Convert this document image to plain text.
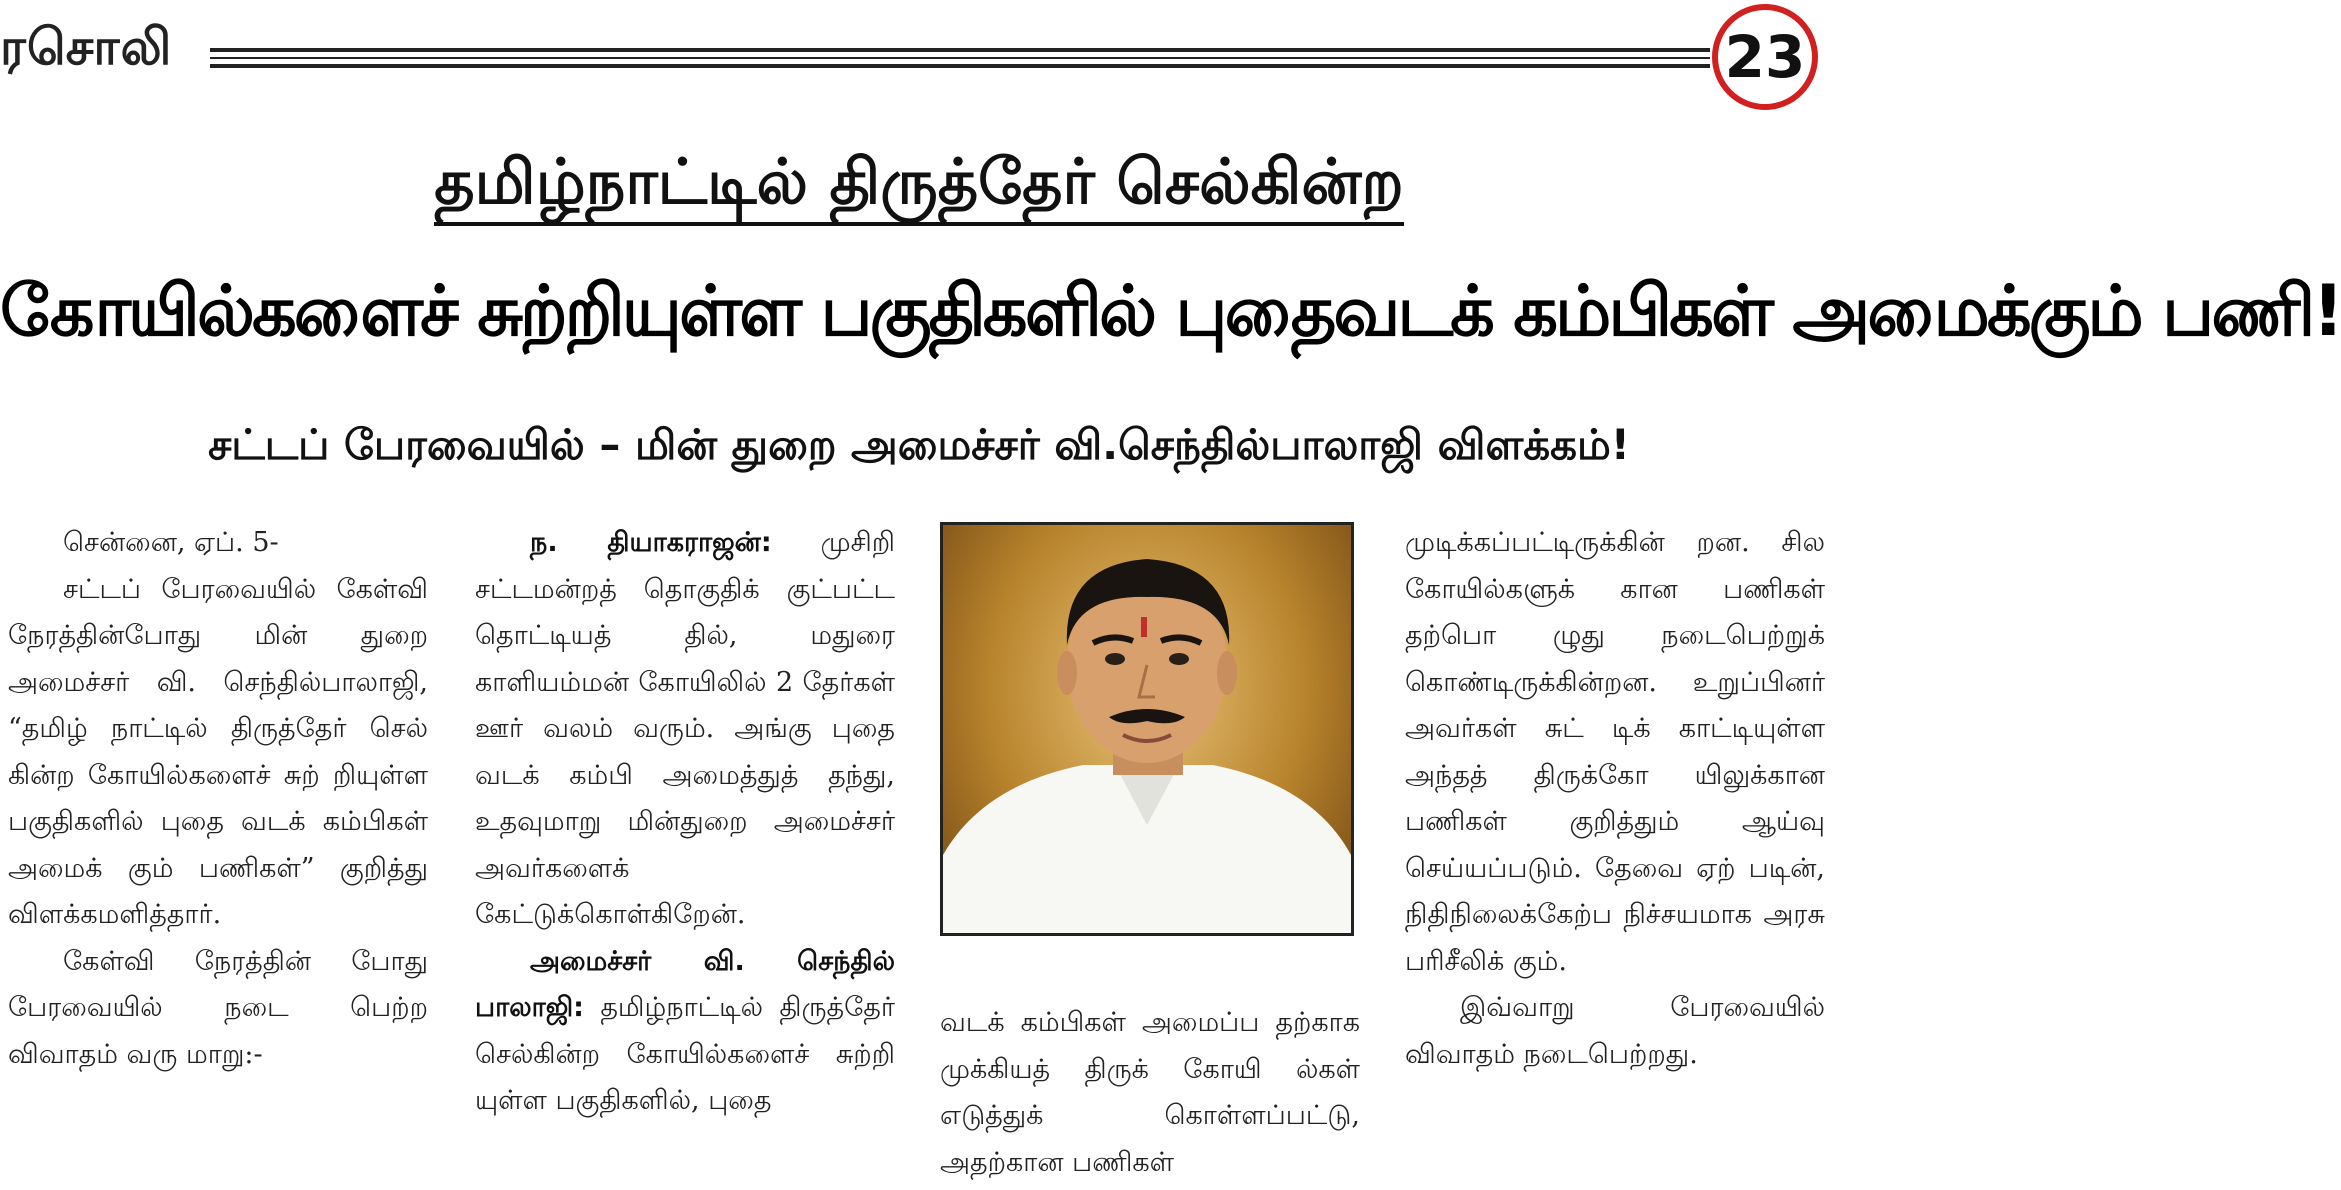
ரசொலி	23
தமிழ்நாட்டில் திருத்தேர் செல்கின்ற
கோயில்களைச் சுற்றியுள்ள பகுதிகளில் புதைவடக் கம்பிகள் அமைக்கும் பணி!
சட்டப் பேரவையில் – மின் துறை அமைச்சர் வி.செந்தில்பாலாஜி விளக்கம்!

சென்னை, ஏப். 5-

சட்டப் பேரவையில் கேள்வி நேரத்தின்போது மின் துறை அமைச்சர் வி. செந்தில்பாலாஜி, “தமிழ் நாட்டில் திருத்தேர் செல் கின்ற கோயில்களைச் சுற் றியுள்ள பகுதிகளில் புதை வடக் கம்பிகள் அமைக் கும் பணிகள்” குறித்து விளக்கமளித்தார்.

கேள்வி நேரத்தின் போது பேரவையில் நடை பெற்ற விவாதம் வரு மாறு:-

ந. தியாகராஜன்: முசிறி சட்டமன்றத் தொகுதிக் குட்பட்ட தொட்டியத் தில், மதுரை காளியம்மன் கோயிலில் 2 தேர்கள் ஊர் வலம் வரும். அங்கு புதை வடக் கம்பி அமைத்துத் தந்து, உதவுமாறு மின்துறை அமைச்சர் அவர்களைக் கேட்டுக்கொள்கிறேன்.

அமைச்சர் வி. செந்தில் பாலாஜி: தமிழ்நாட்டில் திருத்தேர் செல்கின்ற கோயில்களைச் சுற்றி யுள்ள பகுதிகளில், புதை

வடக் கம்பிகள் அமைப்ப தற்காக முக்கியத் திருக் கோயி ல்கள் எடுத்துக் கொள்ளப்பட்டு, அதற்கான பணிகள்

முடிக்கப்பட்டிருக்கின் றன. சில கோயில்களுக் கான பணிகள் தற்பொ ழுது நடைபெற்றுக் கொண்டிருக்கின்றன. உறுப்பினர் அவர்கள் சுட் டிக் காட்டியுள்ள அந்தத் திருக்கோ யிலுக்கான பணிகள் குறித்தும் ஆய்வு செய்யப்படும். தேவை ஏற் படின், நிதிநிலைக்கேற்ப நிச்சயமாக அரசு பரிசீலிக் கும்.

இவ்வாறு பேரவையில் விவாதம் நடைபெற்றது.
